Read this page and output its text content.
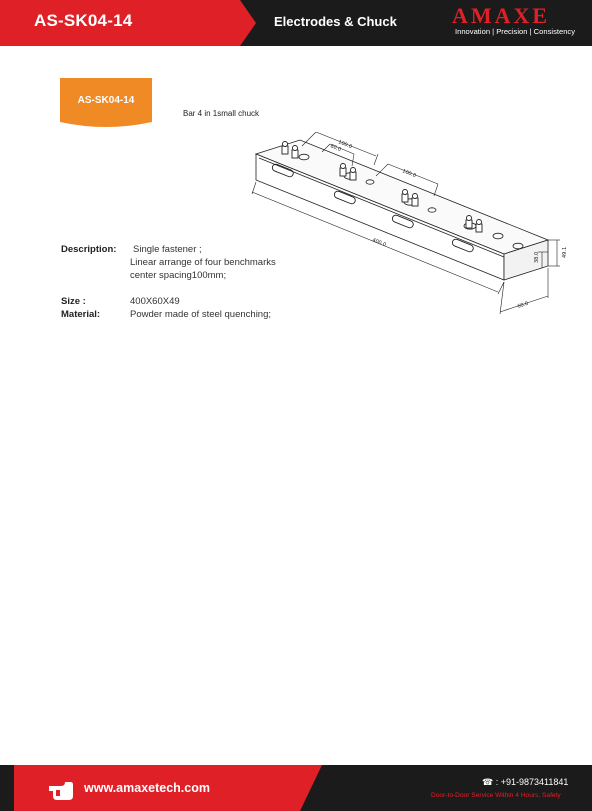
AS-SK04-14	Electrodes & Chuck	AMAXE
Innovation | Precision | Consistency
AS-SK04-14
Bar 4 in 1small chuck
100.0
60.0
100.0
400.0
38.0	49.1
60.0
Description: Single fastener ;
Linear arrange of four benchmarks
center spacing100mm;
Size :	400X60X49
Material:	Powder made of steel quenching;
www.amaxetech.com	☎ : +91-9873411841
Door-to-Door Service Within 4 Hours, Safety
